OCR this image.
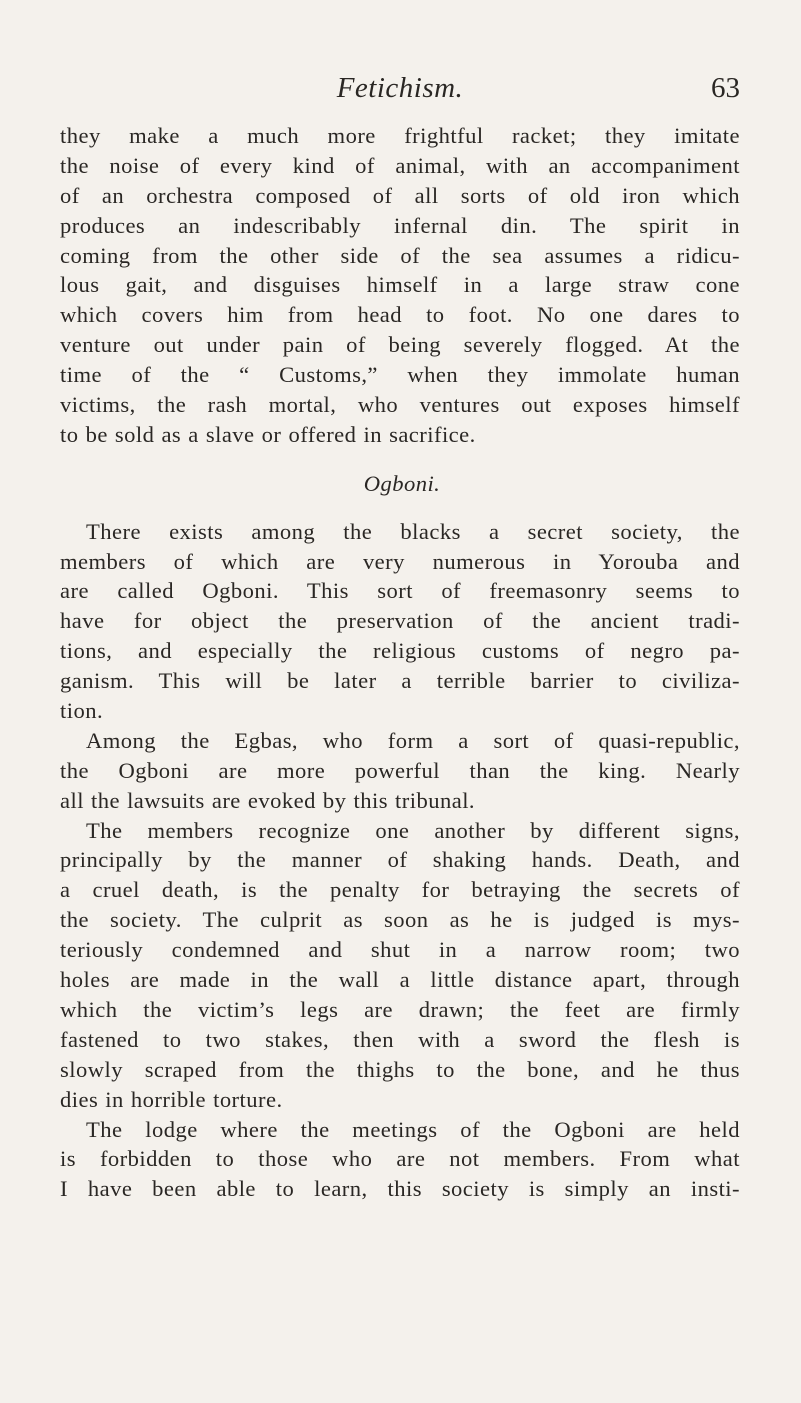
Fetichism.	63
they make a much more frightful racket; they imitate
the noise of every kind of animal, with an accompaniment
of an orchestra composed of all sorts of old iron which
produces an indescribably infernal din. The spirit in
coming from the other side of the sea assumes a ridicu-
lous gait, and disguises himself in a large straw cone
which covers him from head to foot. No one dares to
venture out under pain of being severely flogged. At the
time of the “ Customs,” when they immolate human
victims, the rash mortal, who ventures out exposes himself
to be sold as a slave or offered in sacrifice.
Ogboni.
There exists among the blacks a secret society, the
members of which are very numerous in Yorouba and
are called Ogboni. This sort of freemasonry seems to
have for object the preservation of the ancient tradi-
tions, and especially the religious customs of negro pa-
ganism. This will be later a terrible barrier to civiliza-
tion.
Among the Egbas, who form a sort of quasi-republic,
the Ogboni are more powerful than the king. Nearly
all the lawsuits are evoked by this tribunal.
The members recognize one another by different signs,
principally by the manner of shaking hands. Death, and
a cruel death, is the penalty for betraying the secrets of
the society. The culprit as soon as he is judged is mys-
teriously condemned and shut in a narrow room; two
holes are made in the wall a little distance apart, through
which the victim’s legs are drawn; the feet are firmly
fastened to two stakes, then with a sword the flesh is
slowly scraped from the thighs to the bone, and he thus
dies in horrible torture.
The lodge where the meetings of the Ogboni are held
is forbidden to those who are not members. From what
I have been able to learn, this society is simply an insti-
